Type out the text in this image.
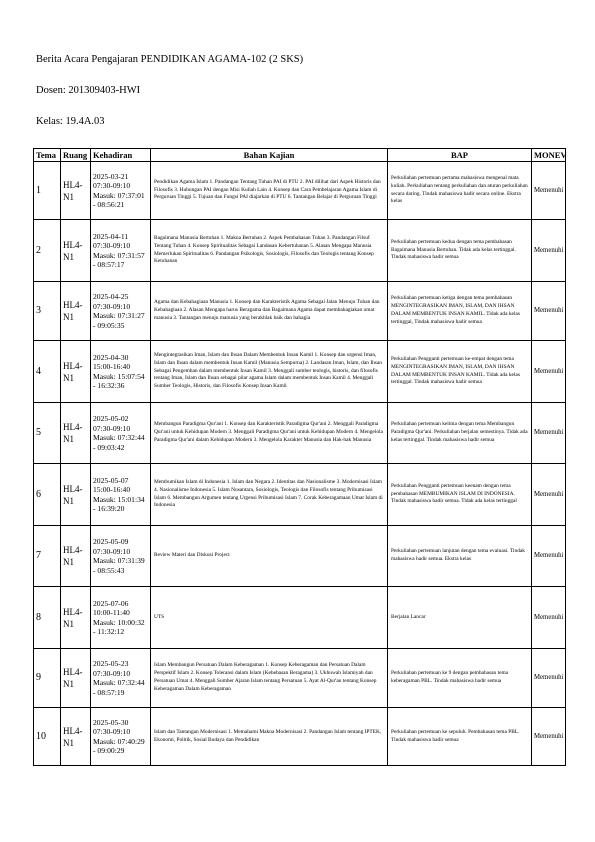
Berita Acara Pengajaran PENDIDIKAN AGAMA-102 (2 SKS)
Dosen: 201309403-HWI
Kelas: 19.4A.03
Tema	Ruang	Kehadiran	Bahan Kajian	BAP	MONEV
1	HL4-N1	2025-03-21 07:30-09:10 Masuk: 07:37:01 - 08:56:21	Pendidikan Agama Islam 1. Pandangan Tentang Tuhan PAI di PTU 2. PAI dilihat dari Aspek Historis dan Filosofis 3. Hubungan PAI dengan Misi Kuliah Lain 4. Konsep dan Cara Pembelajaran Agama Islam di Perguruan Tinggi 5. Tujuan dan Fungsi PAI diajarkan di PTU 6. Tantangan Belajar di Perguruan Tinggi	Perkuliahan pertemuan pertama mahasiswa mengenal mata kuliah. Perkuliahan tentang perkuliahan dan aturan perkuliahan secara daring. Tindak mahasiswa hadir secara online. Ekstra kelas	Memenuhi
2	HL4-N1	2025-04-11 07:30-09:10 Masuk: 07:31:57 - 08:57:17	Bagaimana Manusia Bertuhan 1. Makna Bertuhan 2. Aspek Pembahasan Tuhan 3. Pandangan Filsuf Tentang Tuhan 4. Konsep Spiritualitas Sebagai Landasan Kebertuhanan 5. Alasan Mengapa Manusia Memerlukan Spiritualitas 6. Pandangan Psikologis, Sosiologis, Filosofis dan Teologis tentang Konsep Ketuhanan	Perkuliahan pertemuan kedua dengan tema pembahasan Bagaimana Manusia Bertuhan. Tidak ada kelas tertinggal. Tindak mahasiswa hadir semua	Memenuhi
3	HL4-N1	2025-04-25 07:30-09:10 Masuk: 07:31:27 - 09:05:35	Agama dan Kebahagiaan Manusia 1. Konsep dan Karakteristik Agama Sebagai Jalan Menuju Tuhan dan Kebahagiaan 2. Alasan Mengapa harus Beragama dan Bagaimana Agama dapat membahagiakan umat manusia 3. Tantangan menuju manusia yang berakhlak baik dan bahagia	Perkuliahan pertemuan ketiga dengan tema pembahasan MENGINTEGRASIKAN IMAN, ISLAM, DAN IHSAN DALAM MEMBENTUK INSAN KAMIL. Tidak ada kelas tertinggal, Tindak mahasiswa hadir semua	Memenuhi
4	HL4-N1	2025-04-30 15:00-16:40 Masuk: 15:07:54 - 16:32:36	Mengintegrasikan Iman, Islam dan Ihsan Dalam Membentuk Insan Kamil 1. Konsep dan urgensi Iman, Islam dan Ihsan dalam membentuk Insan Kamil (Manusia Sempurna) 2. Landasan Iman, Islam, dan Ihsan Sebagai Pengemban dalam membentuk Insan Kamil 3. Menggali sumber teologis, historis, dan filosofis tentang Iman, Islam dan Ihsan sebagai pilar agama Islam dalam membentuk Insan Kamil 4. Menggali Sumber Teologis, Historis, dan Filosofis Konsep Insan Kamil	Perkuliahan Pengganti pertemuan ke-empat dengan tema MENGINTEGRASIKAN IMAN, ISLAM, DAN IHSAN DALAM MEMBENTUK INSAN KAMIL. Tidak ada kelas tertinggal. Tindak mahasiswa hadir semua	Memenuhi
5	HL4-N1	2025-05-02 07:30-09:10 Masuk: 07:32:44 - 09:03:42	Membangun Paradigma Qur'ani 1. Konsep dan Karakteristik Paradigma Qur'ani 2. Menggali Paradigma Qur'ani untuk Kehidupan Modern 3. Menggali Paradigma Qur'ani untuk Kehidupan Modern 4. Mengelola Paradigma Qur'ani dalam Kehidupan Modern 3. Mengelola Karakter Manusia dan Hak-hak Manusia	Perkuliahan pertemuan kelima dengan tema Membangun Paradigma Qur'ani. Perkuliahan berjalan semestinya. Tidak ada kelas tertinggal. Tindak mahasiswa hadir semua	Memenuhi
6	HL4-N1	2025-05-07 15:00-16:40 Masuk: 15:01:34 - 16:39:20	Membumikan Islam di Indonesia 1. Islam dan Negara 2. Identitas dan Nasionalisme 3. Modernisasi Islam 4. Nasionalisme Indonesia 5. Islam Nusantara, Sosiologis, Teologis dan Filosofis tentang Pribumisasi Islam 6. Membangun Argumen tentang Urgensi Pribumisasi Islam 7. Corak Keberagamaan Umat Islam di Indonesia	Perkuliahan Pengganti pertemuan keenam dengan tema pembahasan MEMBUMIKAN ISLAM DI INDONESIA. Tindak mahasiswa hadir semua. Tidak ada kelas tertinggal	Memenuhi
7	HL4-N1	2025-05-09 07:30-09:10 Masuk: 07:31:39 - 08:55:43	Review Materi dan Diskusi Project	Perkuliahan pertemuan lanjutan dengan tema evaluasi. Tindak mahasiswa hadir semua. Ekstra kelas	Memenuhi
8	HL4-N1	2025-07-06 10:00-11:40 Masuk: 10:00:32 - 11:32:12	UTS	Berjalan Lancar	Memenuhi
9	HL4-N1	2025-05-23 07:30-09:10 Masuk: 07:32:44 - 08:57:19	Islam Membangun Persatuan Dalam Keberagaman 1. Konsep Keberagaman dan Persatuan Dalam Perspektif Islam 2. Konsep Toleransi dalam Islam (Kebebasan Beragama) 3. Ukhuwah Islamiyah dan Persatuan Umat 4. Menggali Sumber Ajaran Islam tentang Persatuan 5. Ayat Al-Qur'an tentang Konsep Keberagaman Dalam Keberagaman	Perkuliahan pertemuan ke 9 dengan pembahasan tema keberagaman PBL. Tindak mahasiswa hadir semua	Memenuhi
10	HL4-N1	2025-05-30 07:30-09:10 Masuk: 07:40:29 - 09:00:29	Islam dan Tantangan Modernisasi 1. Memahami Makna Modernisasi 2. Pandangan Islam tentang IPTEK, Ekonomi, Politik, Sosial Budaya dan Pendidikan	Perkuliahan pertemuan ke sepuluh. Pembahasan tema PBL. Tindak mahasiswa hadir semua	Memenuhi
